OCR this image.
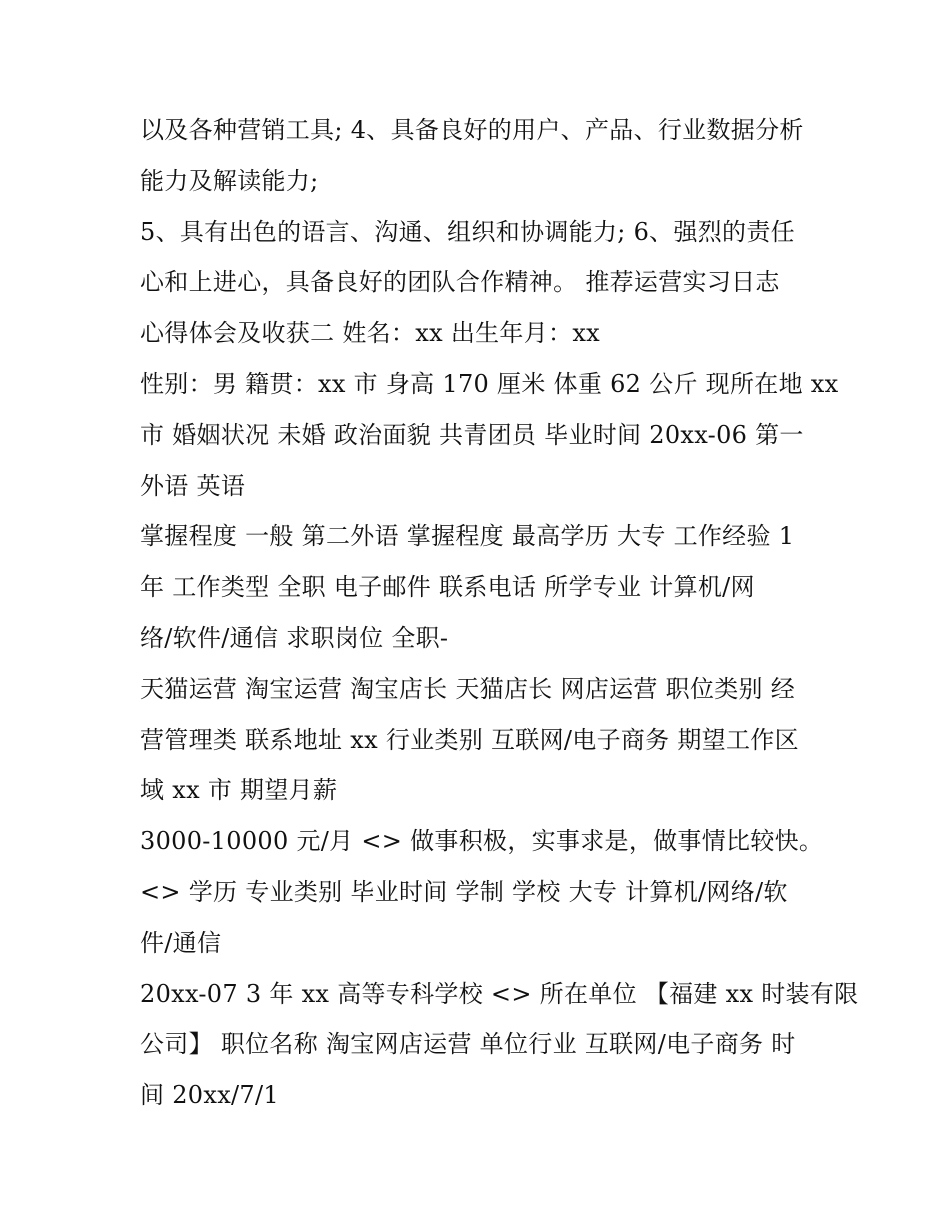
以及各种营销工具; 4、具备良好的用户、产品、行业数据分析
能力及解读能力;
5、具有出色的语言、沟通、组织和协调能力; 6、强烈的责任
心和上进心，具备良好的团队合作精神。 推荐运营实习日志
心得体会及收获二 姓名：xx 出生年月：xx
性别：男 籍贯：xx 市 身高 170 厘米 体重 62 公斤 现所在地 xx
市 婚姻状况 未婚 政治面貌 共青团员 毕业时间 20xx-06 第一
外语 英语
掌握程度 一般 第二外语 掌握程度 最高学历 大专 工作经验 1
年 工作类型 全职 电子邮件 联系电话 所学专业 计算机/网
络/软件/通信 求职岗位 全职-
天猫运营 淘宝运营 淘宝店长 天猫店长 网店运营 职位类别 经
营管理类 联系地址 xx 行业类别 互联网/电子商务 期望工作区
域 xx 市 期望月薪
3000-10000 元/月 <> 做事积极，实事求是，做事情比较快。
<> 学历 专业类别 毕业时间 学制 学校 大专 计算机/网络/软
件/通信
20xx-07 3 年 xx 高等专科学校 <> 所在单位 【福建 xx 时装有限
公司】 职位名称 淘宝网店运营 单位行业 互联网/电子商务 时
间 20xx/7/1
